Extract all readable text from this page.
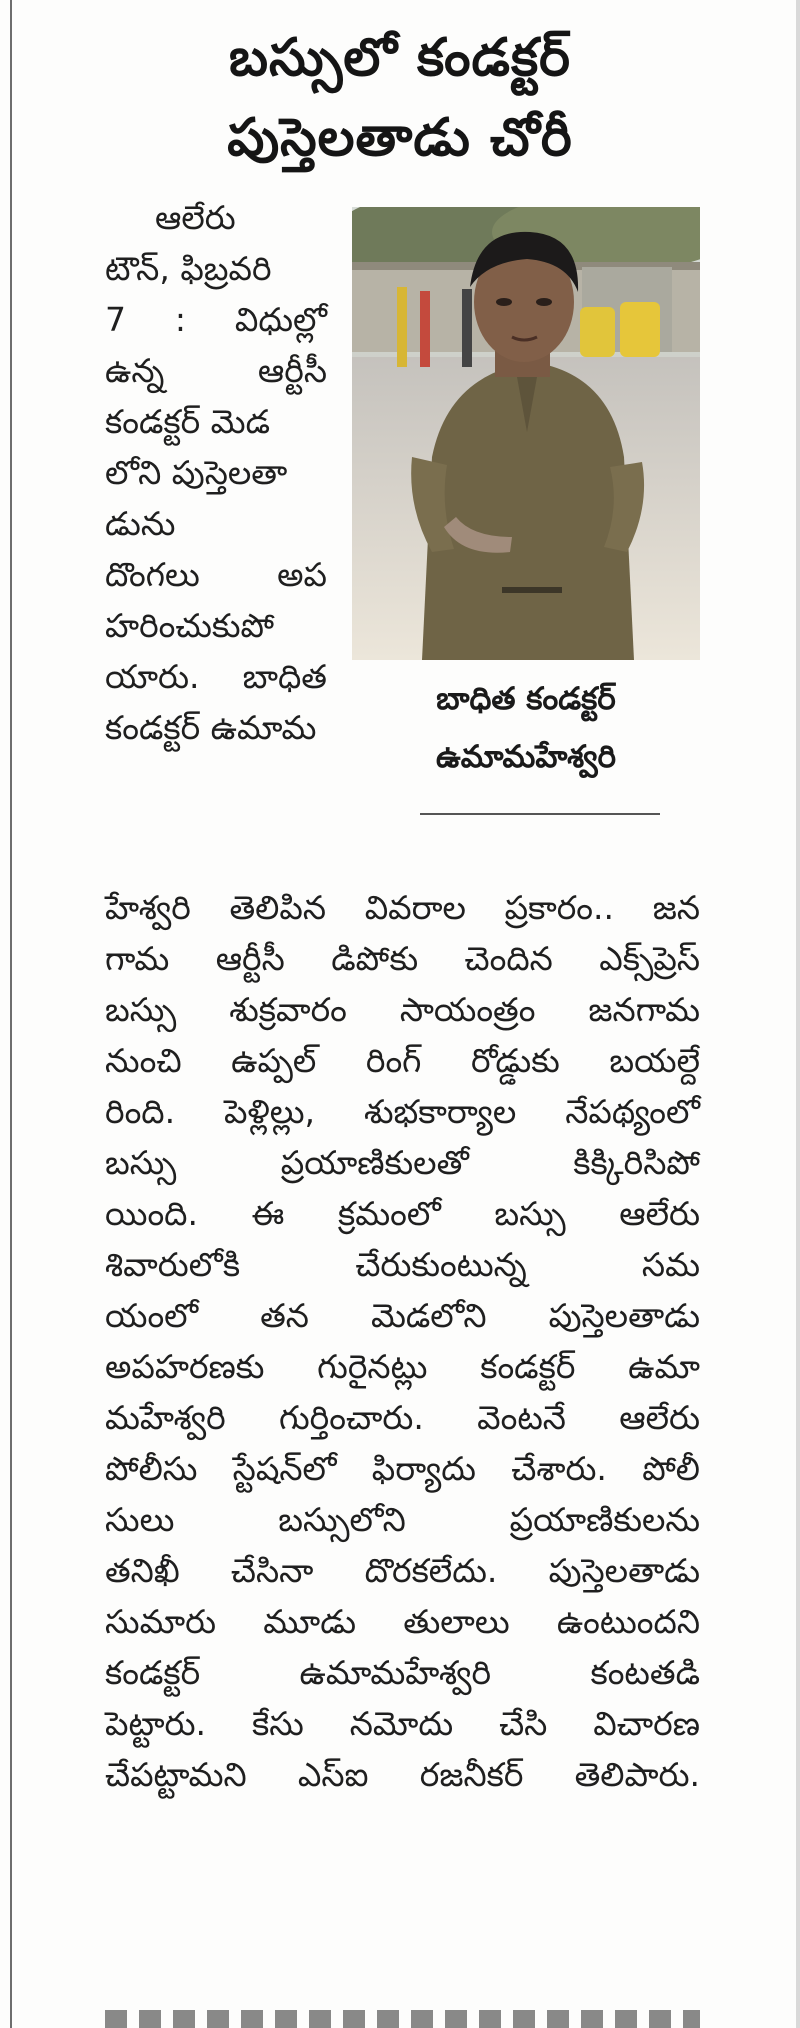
బస్సులో కండక్టర్
పుస్తెలతాడు చోరీ
ఆలేరు
టౌన్, ఫిబ్రవరి
7 : విధుల్లో
ఉన్న ఆర్టీసీ
కండక్టర్ మెడ
లోని పుస్తెలతా
డును
దొంగలు అప
హరించుకుపో
యారు. బాధిత
కండక్టర్ ఉమామ
బాధిత కండక్టర్
ఉమామహేశ్వరి
హేశ్వరి తెలిపిన వివరాల ప్రకారం.. జన
గామ ఆర్టీసీ డిపోకు చెందిన ఎక్స్‌ప్రెస్
బస్సు శుక్రవారం సాయంత్రం జనగామ
నుంచి ఉప్పల్ రింగ్ రోడ్డుకు బయల్దే
రింది. పెళ్లిల్లు, శుభకార్యాల నేపథ్యంలో
బస్సు ప్రయాణికులతో కిక్కిరిసిపో
యింది. ఈ క్రమంలో బస్సు ఆలేరు
శివారులోకి చేరుకుంటున్న సమ
యంలో తన మెడలోని పుస్తెలతాడు
అపహరణకు గురైనట్లు కండక్టర్ ఉమా
మహేశ్వరి గుర్తించారు. వెంటనే ఆలేరు
పోలీసు స్టేషన్‌లో ఫిర్యాదు చేశారు. పోలీ
సులు బస్సులోని ప్రయాణికులను
తనిఖీ చేసినా దొరకలేదు. పుస్తెలతాడు
సుమారు మూడు తులాలు ఉంటుందని
కండక్టర్ ఉమామహేశ్వరి కంటతడి
పెట్టారు. కేసు నమోదు చేసి విచారణ
చేపట్టామని ఎస్ఐ రజనీకర్ తెలిపారు.
